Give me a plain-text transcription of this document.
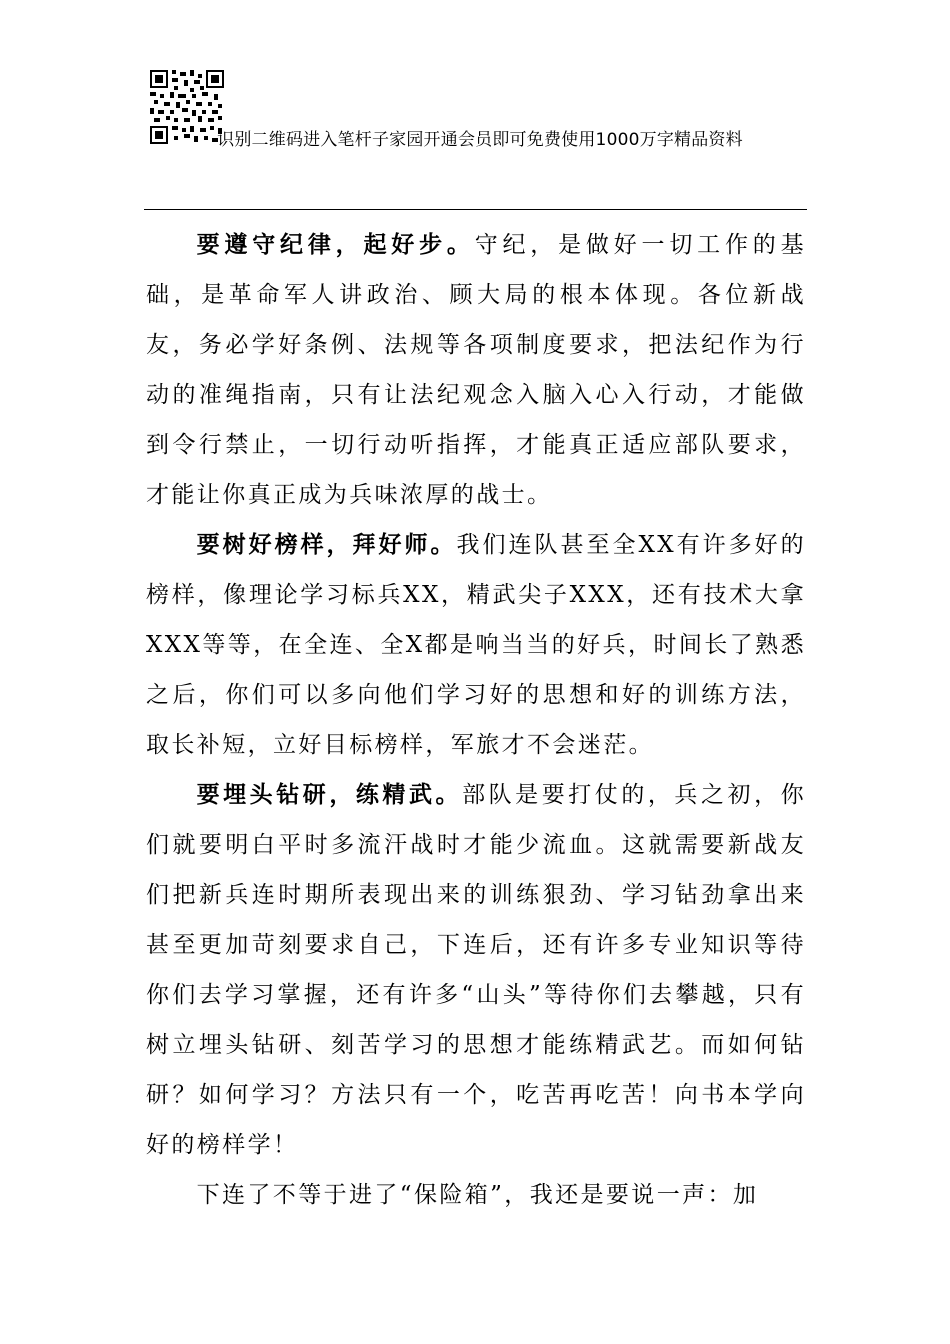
识别二维码进入笔杆子家园开通会员即可免费使用1000万字精品资料

要遵守纪律，起好步。守纪，是做好一切工作的基础，是革命军人讲政治、顾大局的根本体现。各位新战友，务必学好条例、法规等各项制度要求，把法纪作为行动的准绳指南，只有让法纪观念入脑入心入行动，才能做到令行禁止，一切行动听指挥，才能真正适应部队要求，才能让你真正成为兵味浓厚的战士。

要树好榜样，拜好师。我们连队甚至全XX有许多好的榜样，像理论学习标兵XX，精武尖子XXX，还有技术大拿XXX等等，在全连、全X都是响当当的好兵，时间长了熟悉之后，你们可以多向他们学习好的思想和好的训练方法，取长补短，立好目标榜样，军旅才不会迷茫。

要埋头钻研，练精武。部队是要打仗的，兵之初，你们就要明白平时多流汗战时才能少流血。这就需要新战友们把新兵连时期所表现出来的训练狠劲、学习钻劲拿出来甚至更加苛刻要求自己，下连后，还有许多专业知识等待你们去学习掌握，还有许多“山头”等待你们去攀越，只有树立埋头钻研、刻苦学习的思想才能练精武艺。而如何钻研？如何学习？方法只有一个，吃苦再吃苦！向书本学向好的榜样学！

下连了不等于进了“保险箱”，我还是要说一声：加
